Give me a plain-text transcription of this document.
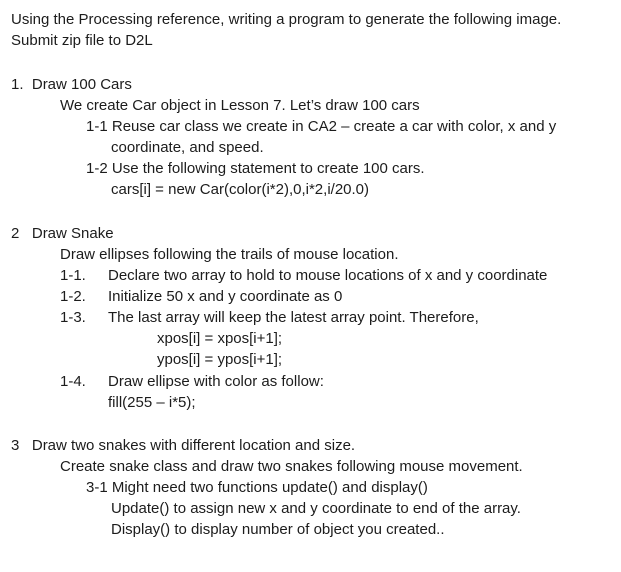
Using the Processing reference, writing a program to generate the following image.
Submit zip file to D2L
1. Draw 100 Cars
We create Car object in Lesson 7. Let’s draw 100 cars
1-1 Reuse car class we create in CA2 – create a car with color, x and y
coordinate, and speed.
1-2 Use the following statement to create 100 cars.
cars[i] = new Car(color(i*2),0,i*2,i/20.0)
2 Draw Snake
Draw ellipses following the trails of mouse location.
1-1. Declare two array to hold to mouse locations of x and y coordinate
1-2. Initialize 50 x and y coordinate as 0
1-3. The last array will keep the latest array point. Therefore,
xpos[i] = xpos[i+1];
ypos[i] = ypos[i+1];
1-4. Draw ellipse with color as follow:
fill(255 – i*5);
3 Draw two snakes with different location and size.
Create snake class and draw two snakes following mouse movement.
3-1 Might need two functions update() and display()
Update() to assign new x and y coordinate to end of the array.
Display() to display number of object you created..
